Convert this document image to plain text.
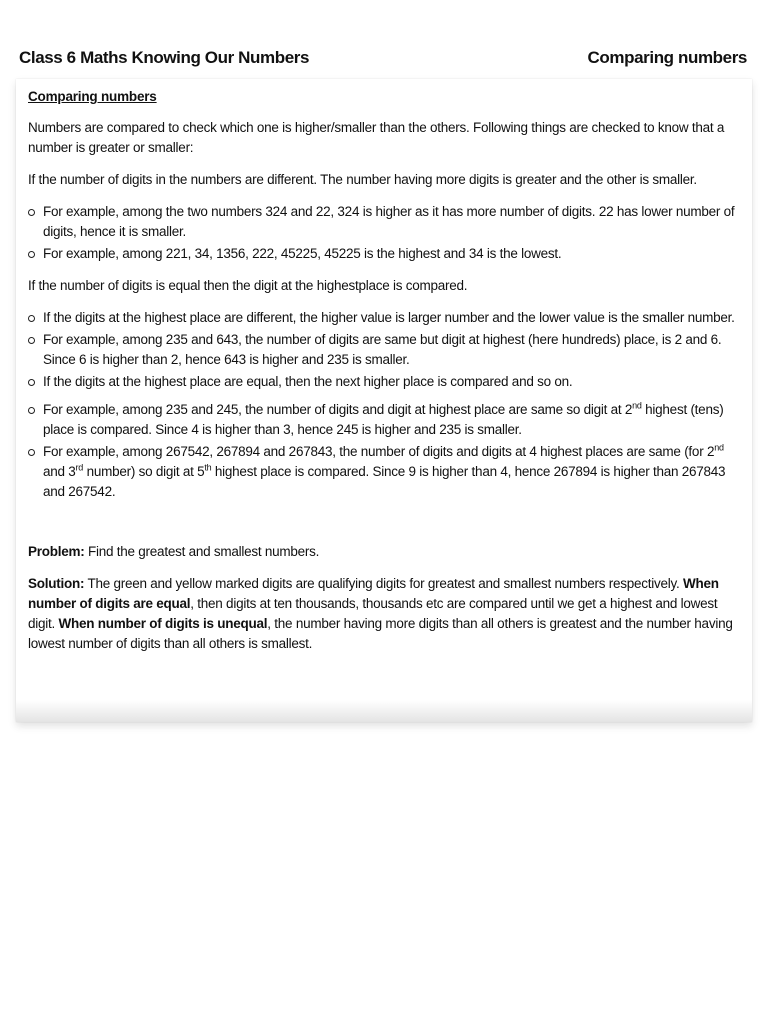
Class 6 Maths Knowing Our Numbers	Comparing numbers
Comparing numbers

Numbers are compared to check which one is higher/smaller than the others. Following things are checked to know that a number is greater or smaller:

If the number of digits in the numbers are different. The number having more digits is greater and the other is smaller.

For example, among the two numbers 324 and 22, 324 is higher as it has more number of digits. 22 has lower number of digits, hence it is smaller.
For example, among 221, 34, 1356, 222, 45225, 45225 is the highest and 34 is the lowest.

If the number of digits is equal then the digit at the highestplace is compared.

If the digits at the highest place are different, the higher value is larger number and the lower value is the smaller number.
For example, among 235 and 643, the number of digits are same but digit at highest (here hundreds) place, is 2 and 6. Since 6 is higher than 2, hence 643 is higher and 235 is smaller.
If the digits at the highest place are equal, then the next higher place is compared and so on.
For example, among 235 and 245, the number of digits and digit at highest place are same so digit at 2nd highest (tens) place is compared. Since 4 is higher than 3, hence 245 is higher and 235 is smaller.
For example, among 267542, 267894 and 267843, the number of digits and digits at 4 highest places are same (for 2nd and 3rd number) so digit at 5th highest place is compared. Since 9 is higher than 4, hence 267894 is higher than 267843 and 267542.

Problem: Find the greatest and smallest numbers.

Solution: The green and yellow marked digits are qualifying digits for greatest and smallest numbers respectively. When number of digits are equal, then digits at ten thousands, thousands etc are compared until we get a highest and lowest digit. When number of digits is unequal, the number having more digits than all others is greatest and the number having lowest number of digits than all others is smallest.
